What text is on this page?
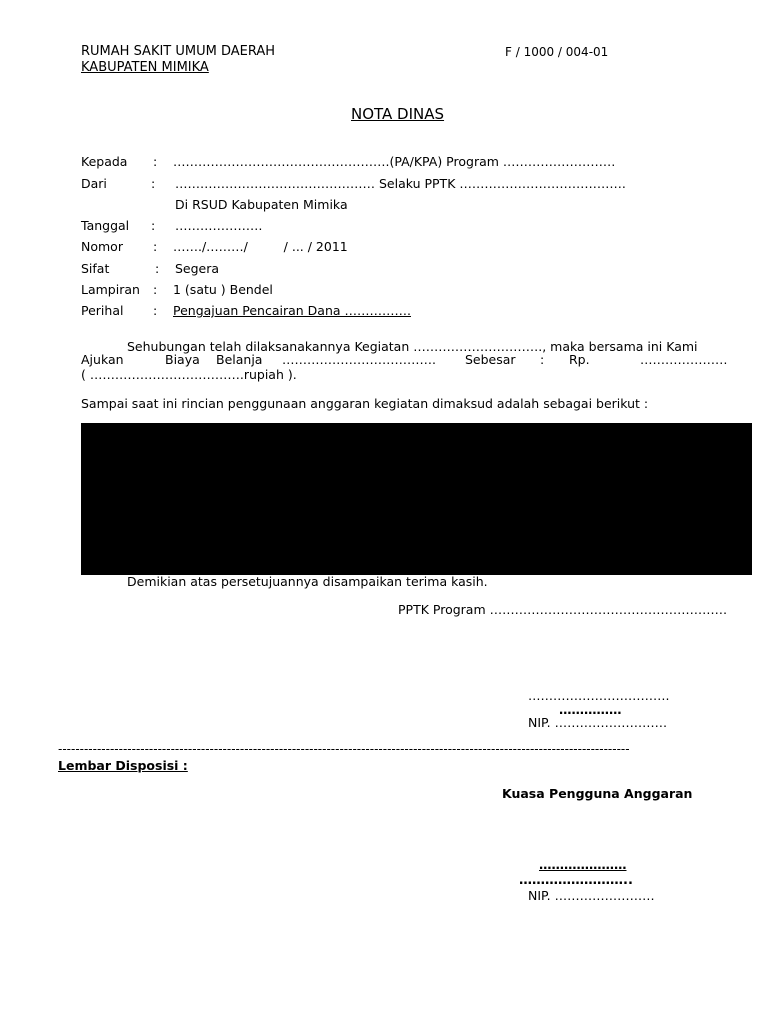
RUMAH SAKIT UMUM DAERAH
KABUPATEN MIMIKA
F / 1000 / 004-01
NOTA DINAS
Kepada : …………………………………………….(PA/KPA) Program ………………………
Dari	: ………………………………………… Selaku PPTK ………………………………….
Di RSUD Kabupaten Mimika
Tanggal : …………………
Nomor : ……./………/         / ... / 2011
Sifat	: Segera
Lampiran : 1 (satu ) Bendel
Perihal : Pengajuan Pencairan Dana …………….
Sehubungan telah dilaksanakannya Kegiatan …………………………., maka bersama ini Kami
Ajukan	Biaya Belanja ………………………………. Sebesar : Rp.	…………………
( ……………………………….rupiah ).
Sampai saat ini rincian penggunaan anggaran kegiatan dimaksud adalah sebagai berikut :
Demikian atas persetujuannya disampaikan terima kasih.
PPTK Program …………………………………………………
…………………………….
……………
NIP. ………………………
------------------------------------------------------------------------------------------------------------------------------------
Lembar Disposisi :
Kuasa Pengguna Anggaran
…………………
……………………..
NIP. ……………………
